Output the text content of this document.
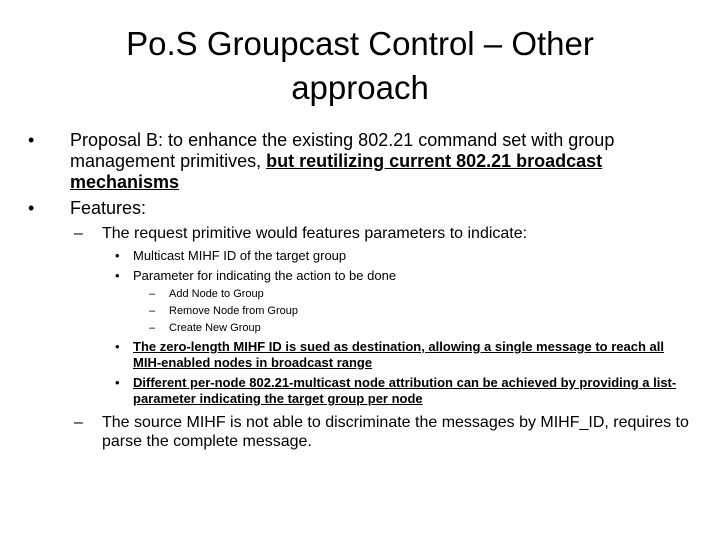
Po.S Groupcast Control – Other approach
• Proposal B: to enhance the existing 802.21 command set with group management primitives, but reutilizing current 802.21 broadcast mechanisms
• Features:
– The request primitive would features parameters to indicate:
• Multicast MIHF ID of the target group
• Parameter for indicating the action to be done
– Add Node to Group
– Remove Node from Group
– Create New Group
• The zero-length MIHF ID is sued as destination, allowing a single message to reach all MIH-enabled nodes in broadcast range
• Different per-node 802.21-multicast node attribution can be achieved by providing a list-parameter indicating the target group per node
– The source MIHF is not able to discriminate the messages by MIHF_ID, requires to parse the complete message.
